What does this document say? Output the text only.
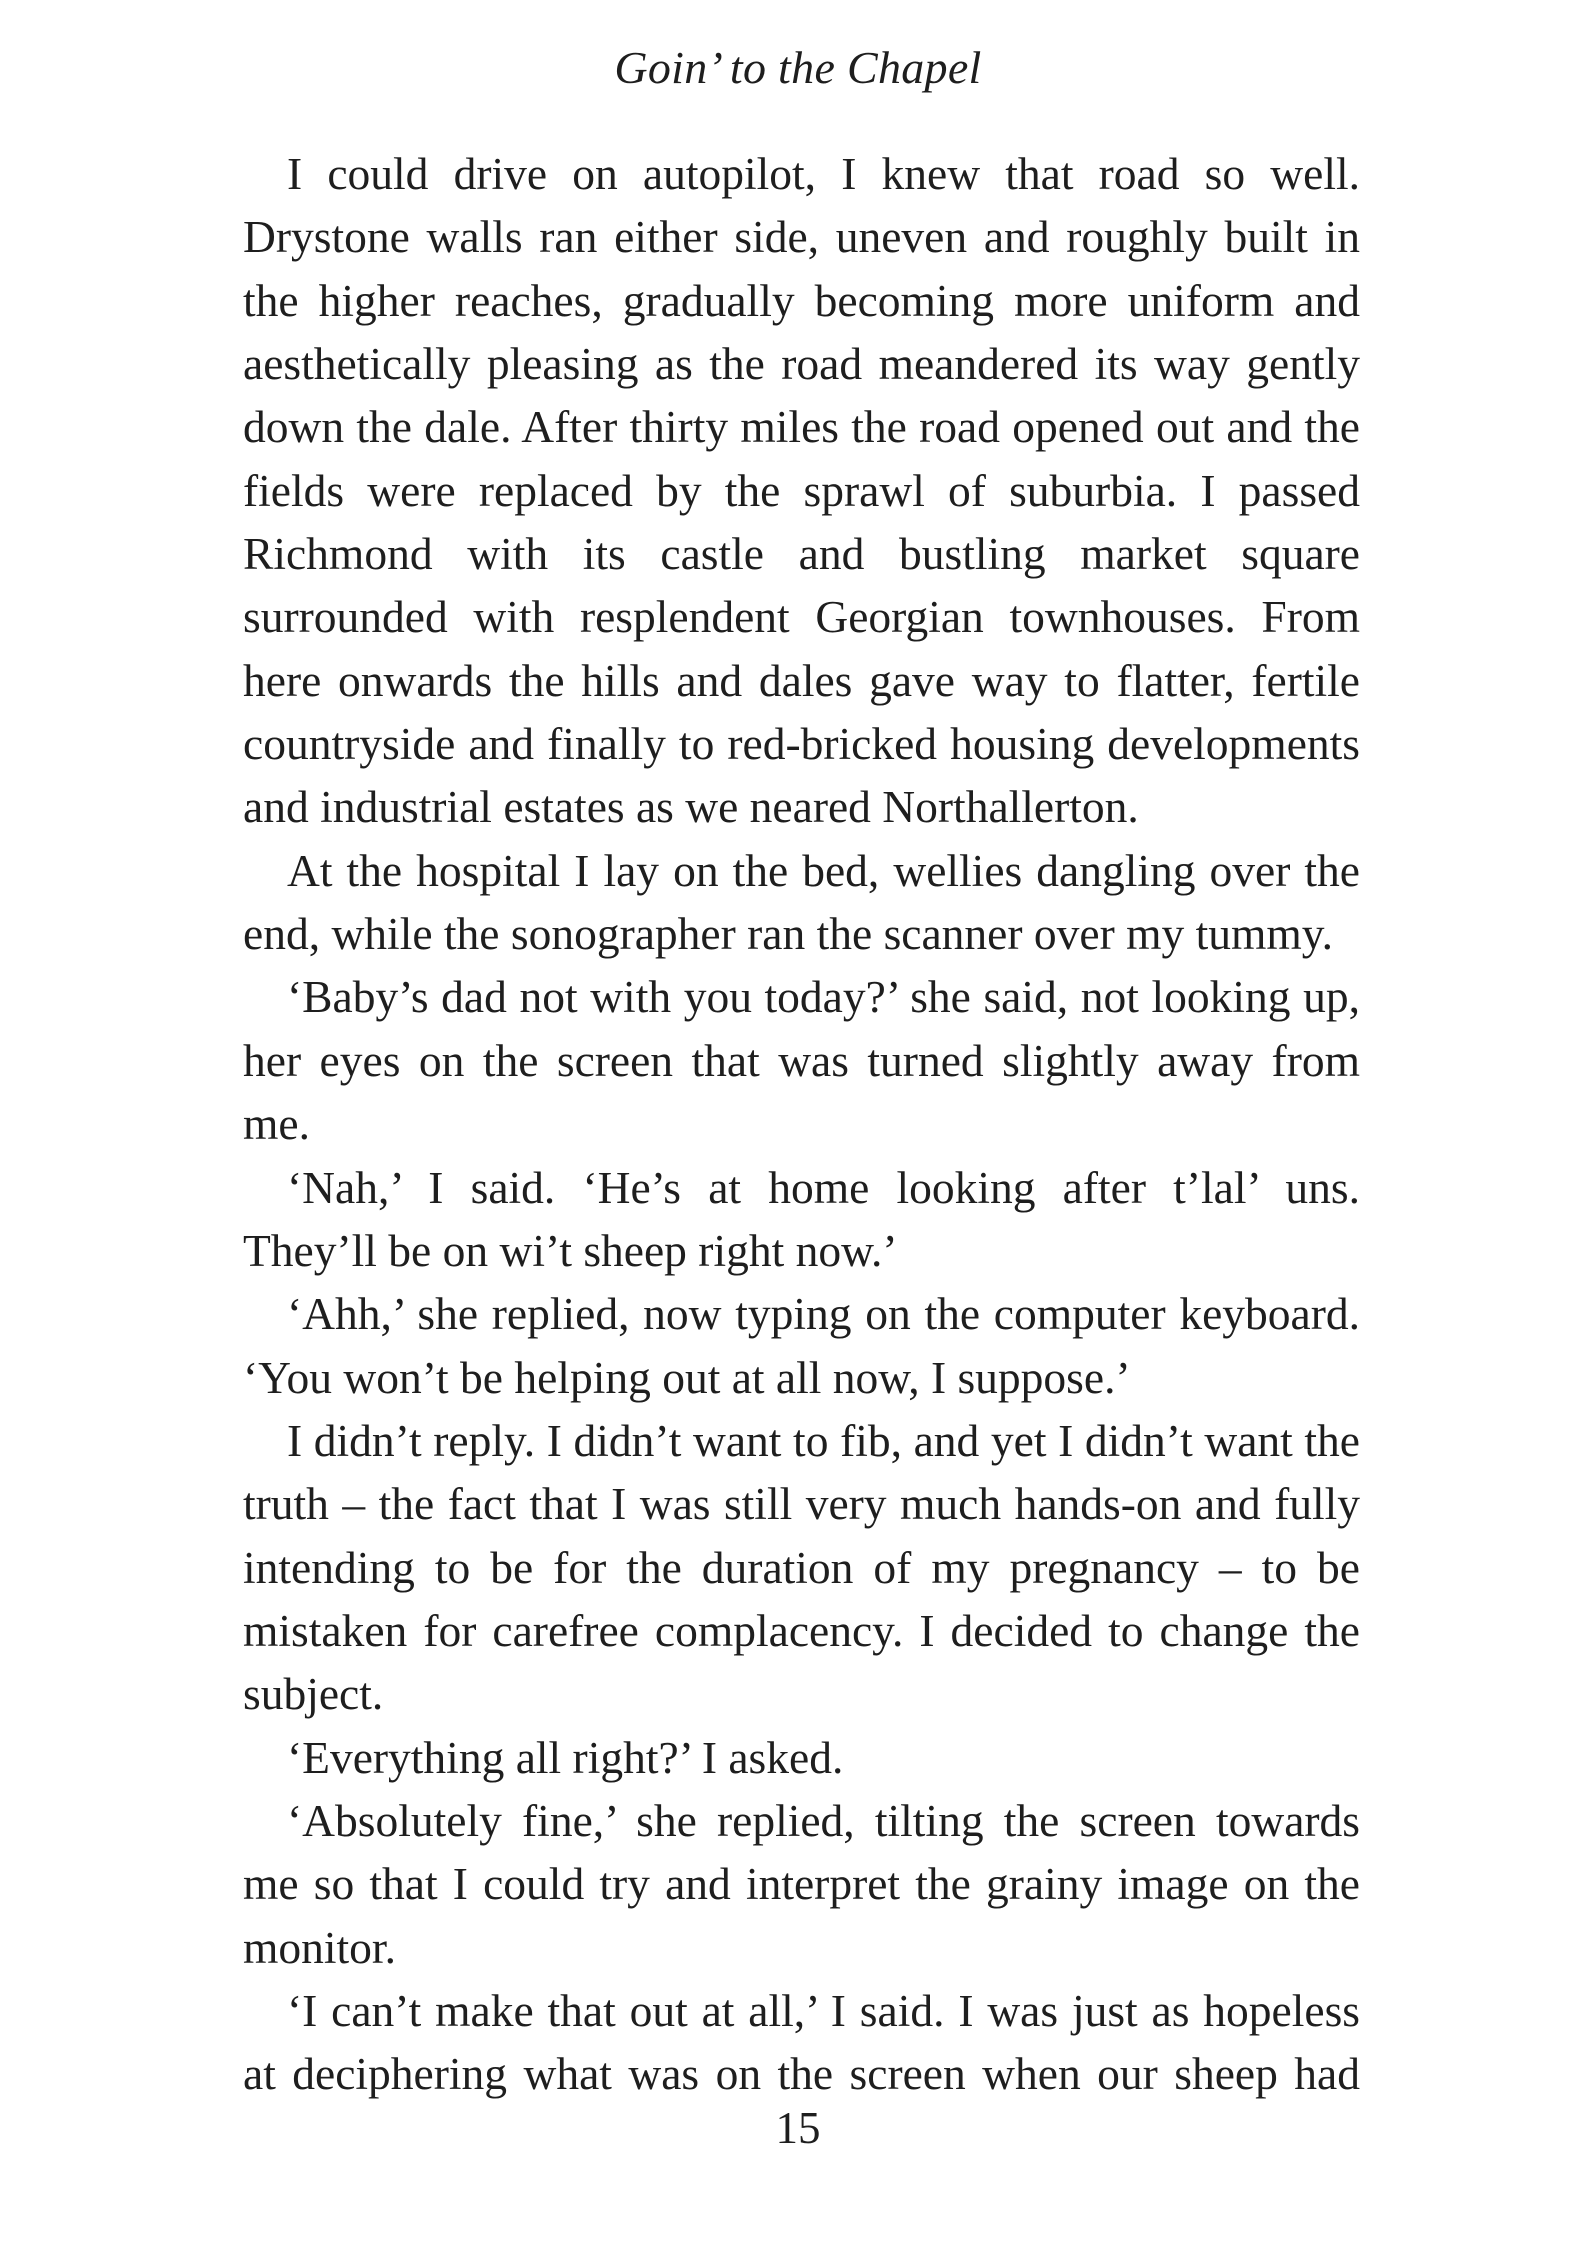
Goin’ to the Chapel

I could drive on autopilot, I knew that road so well. Drystone walls ran either side, uneven and roughly built in the higher reaches, gradually becoming more uniform and aesthetically pleasing as the road meandered its way gently down the dale. After thirty miles the road opened out and the fields were replaced by the sprawl of suburbia. I passed Richmond with its castle and bustling market square surrounded with resplendent Georgian townhouses. From here onwards the hills and dales gave way to flatter, fertile countryside and finally to red-bricked housing developments and industrial estates as we neared Northallerton.

At the hospital I lay on the bed, wellies dangling over the end, while the sonographer ran the scanner over my tummy.

‘Baby’s dad not with you today?’ she said, not looking up, her eyes on the screen that was turned slightly away from me.

‘Nah,’ I said. ‘He’s at home looking after t’lal’ uns. They’ll be on wi’t sheep right now.’

‘Ahh,’ she replied, now typing on the computer keyboard. ‘You won’t be helping out at all now, I suppose.’

I didn’t reply. I didn’t want to fib, and yet I didn’t want the truth – the fact that I was still very much hands-on and fully intending to be for the duration of my pregnancy – to be mistaken for carefree complacency. I decided to change the subject.

‘Everything all right?’ I asked.

‘Absolutely fine,’ she replied, tilting the screen towards me so that I could try and interpret the grainy image on the monitor.

‘I can’t make that out at all,’ I said. I was just as hopeless at deciphering what was on the screen when our sheep had

15
